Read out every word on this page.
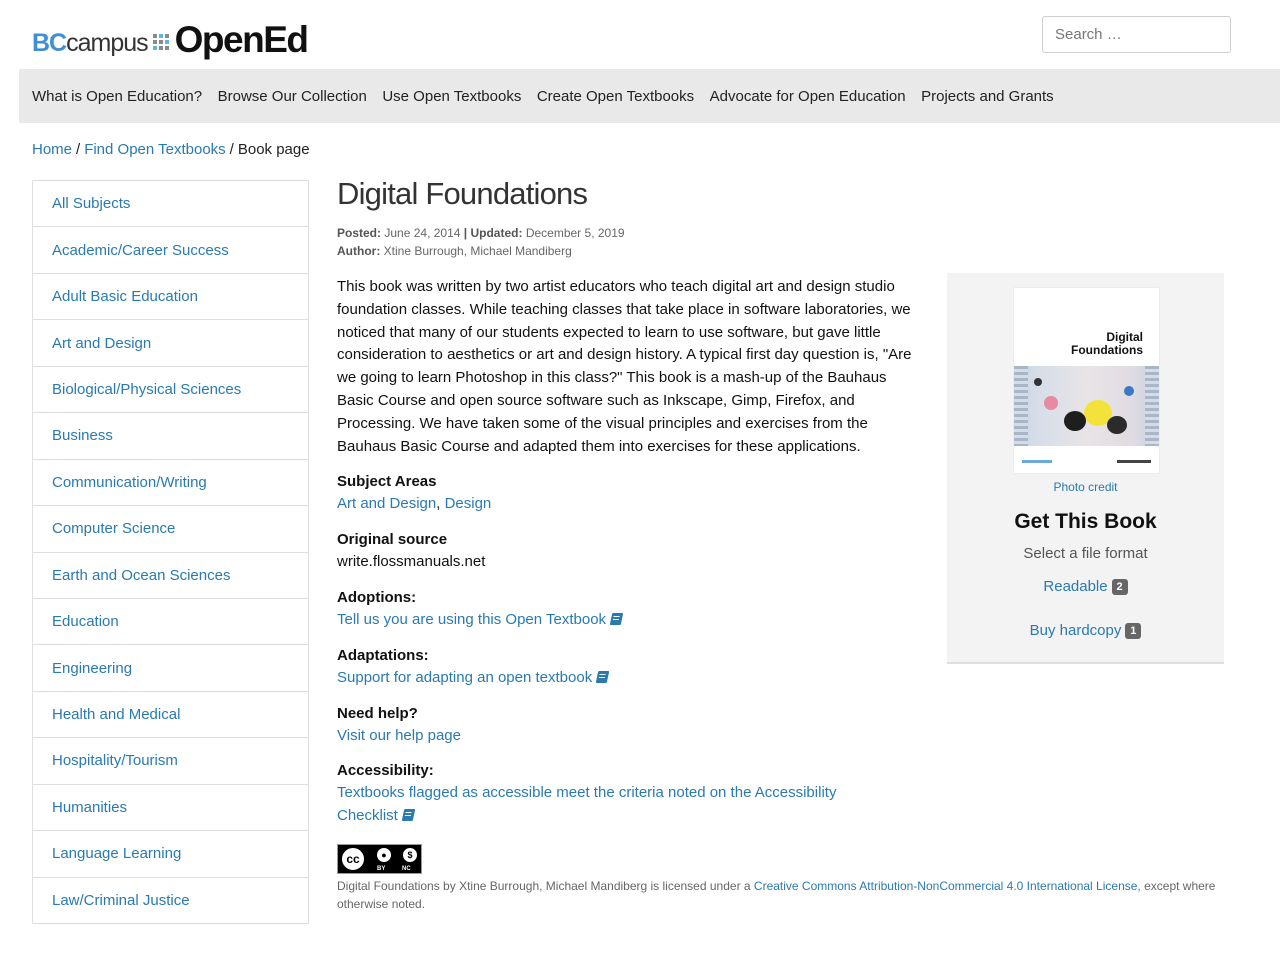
BC campus OpenEd
Search …
What is Open Education? Browse Our Collection Use Open Textbooks Create Open Textbooks Advocate for Open Education Projects and Grants
Home / Find Open Textbooks / Book page
All Subjects
Academic/Career Success
Adult Basic Education
Art and Design
Biological/Physical Sciences
Business
Communication/Writing
Computer Science
Earth and Ocean Sciences
Education
Engineering
Health and Medical
Hospitality/Tourism
Humanities
Language Learning
Law/Criminal Justice
Digital Foundations
Posted: June 24, 2014 | Updated: December 5, 2019
Author: Xtine Burrough, Michael Mandiberg

This book was written by two artist educators who teach digital art and design studio foundation classes. While teaching classes that take place in software laboratories, we noticed that many of our students expected to learn to use software, but gave little consideration to aesthetics or art and design history. A typical first day question is, "Are we going to learn Photoshop in this class?" This book is a mash-up of the Bauhaus Basic Course and open source software such as Inkscape, Gimp, Firefox, and Processing. We have taken some of the visual principles and exercises from the Bauhaus Basic Course and adapted them into exercises for these applications.

Subject Areas
Art and Design, Design
Original source
write.flossmanuals.net
Adoptions:
Tell us you are using this Open Textbook
Adaptations:
Support for adapting an open textbook
Need help?
Visit our help page
Accessibility:
Textbooks flagged as accessible meet the criteria noted on the Accessibility Checklist
cc	●	$
BY	NC
Digital Foundations by Xtine Burrough, Michael Mandiberg is licensed under a Creative Commons Attribution-NonCommercial 4.0 International License, except where otherwise noted.
Digital
Foundations
Photo credit
Get This Book
Select a file format
Readable 2
Buy hardcopy 1
